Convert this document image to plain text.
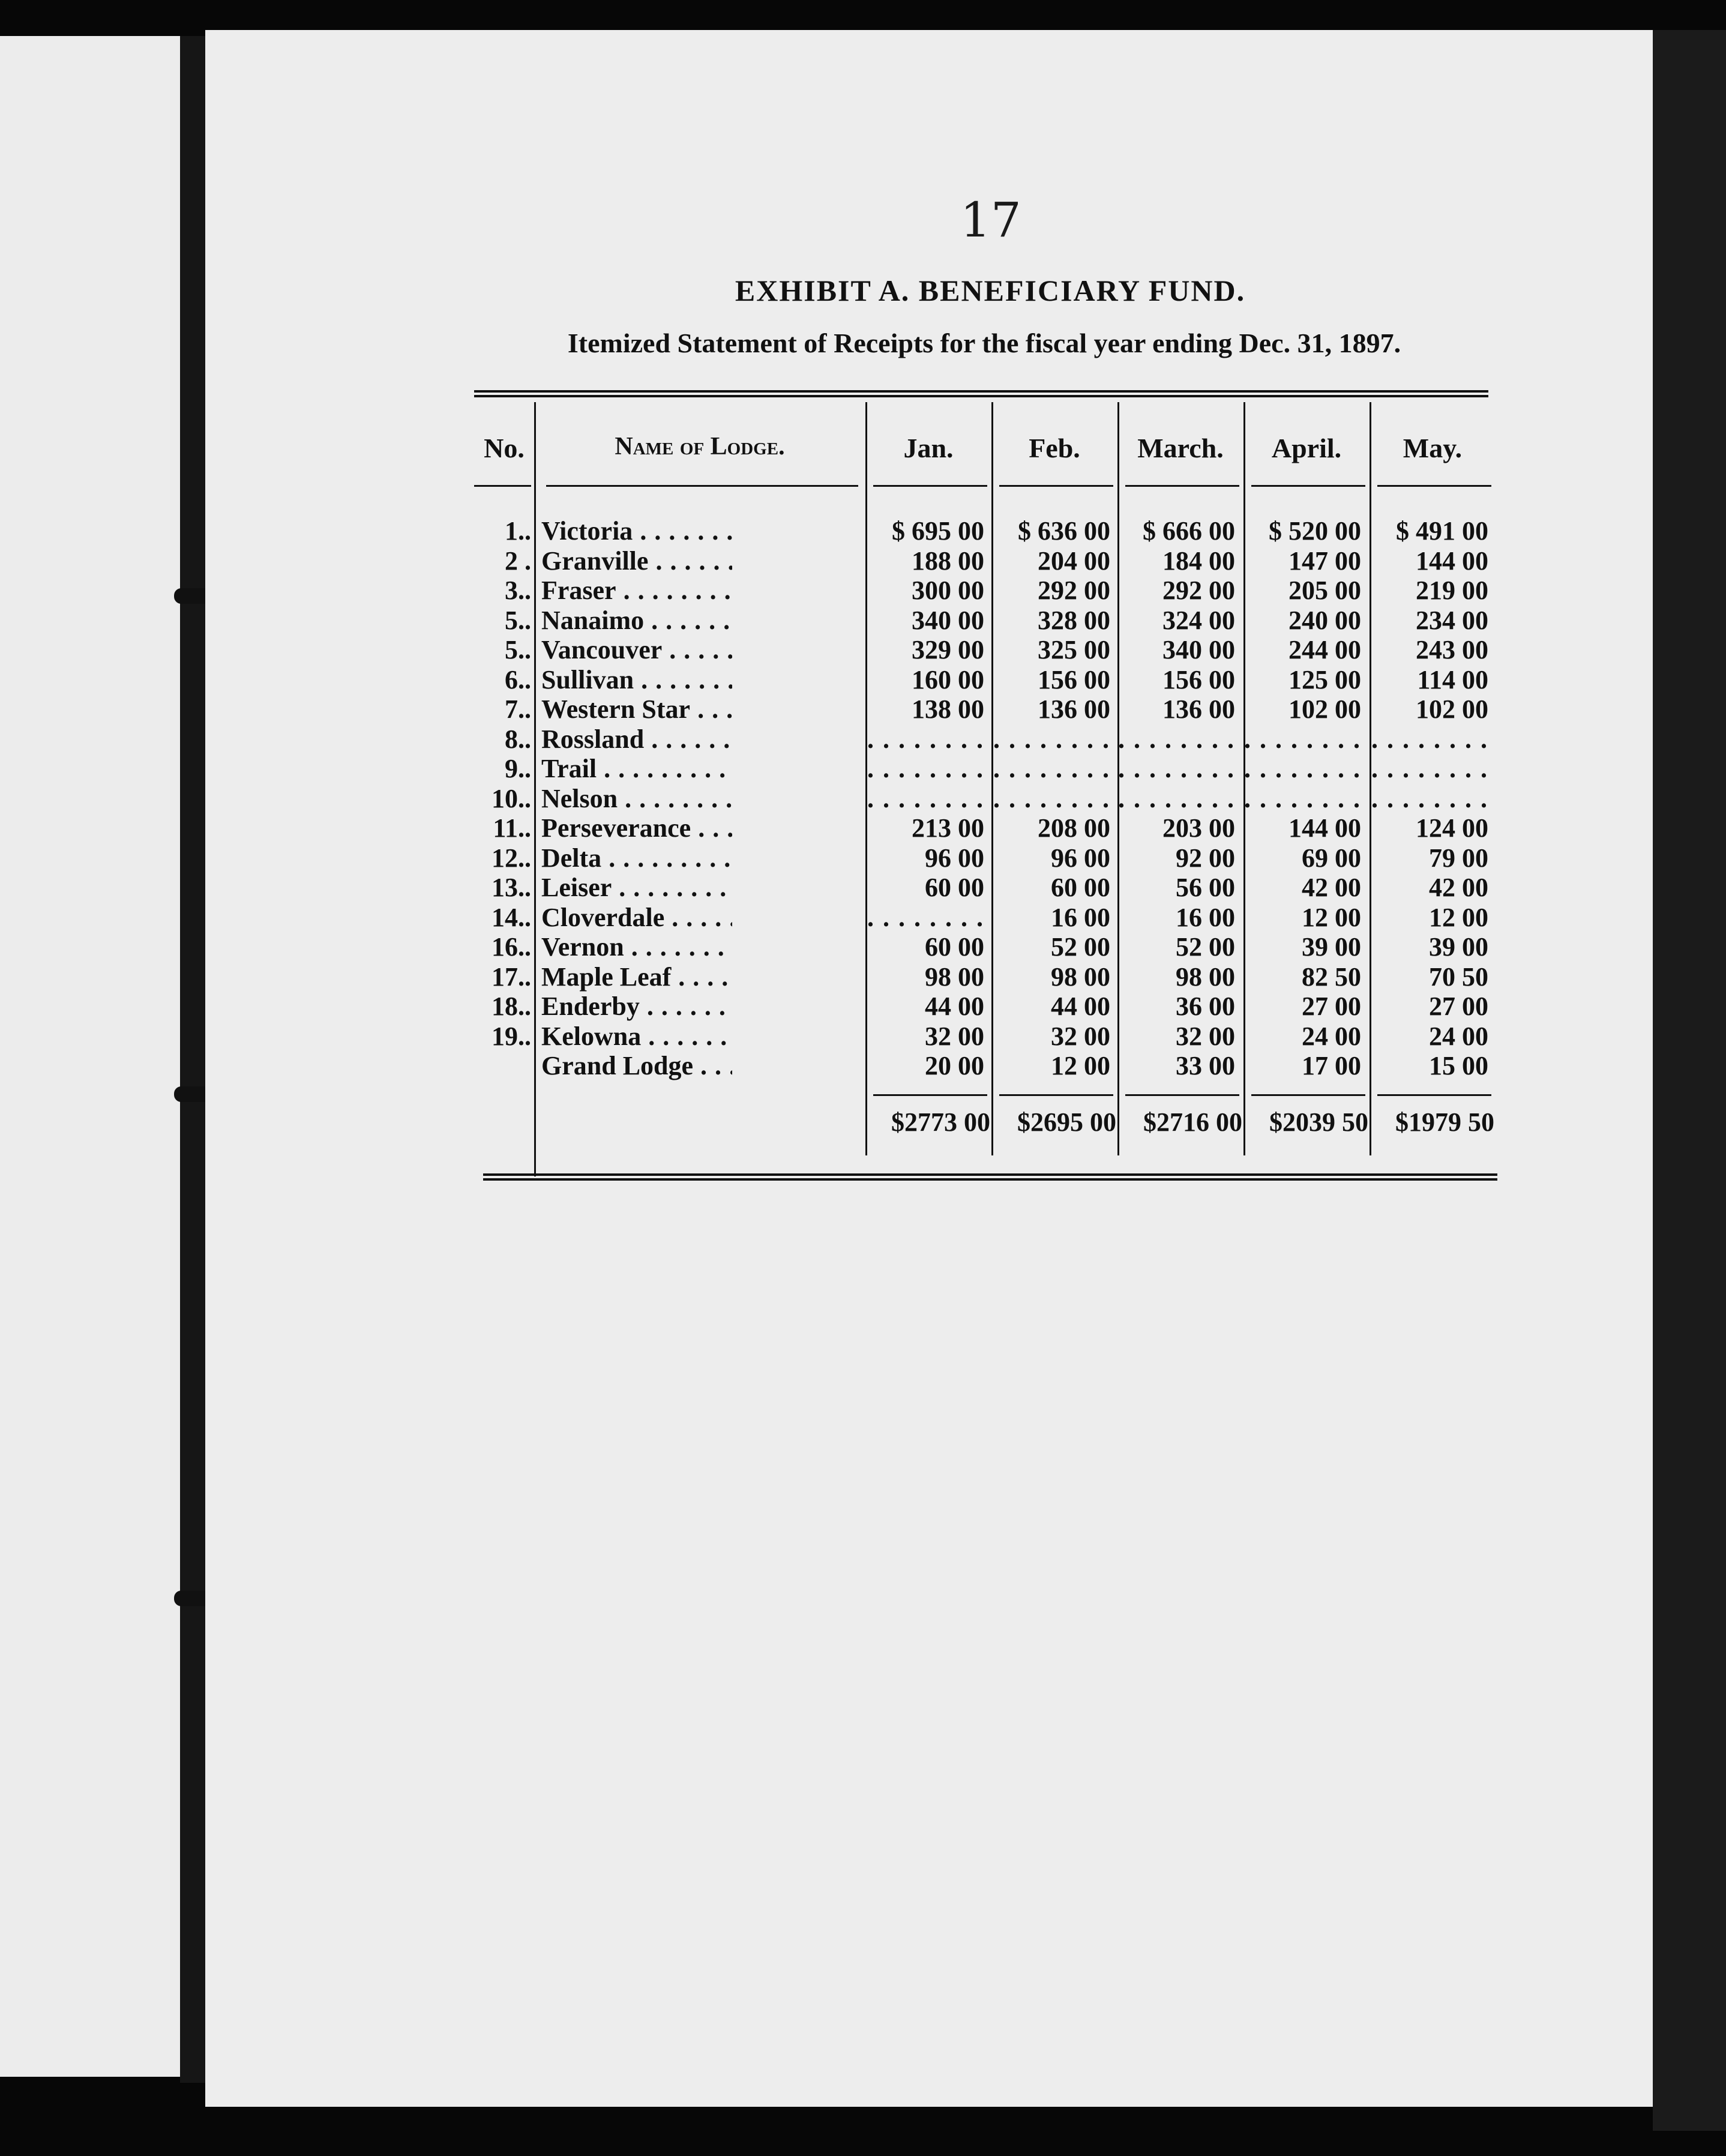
17
EXHIBIT A. BENEFICIARY FUND.
Itemized Statement of Receipts for the fiscal year ending Dec. 31, 1897.
No.	Name of Lodge.	Jan.	Feb.	March.	April.	May.
1.. Victoria . . .	$ 695 00	$ 636 00	$ 666 00	$ 520 00	$ 491 00
2 . Granville . . .	188 00	204 00	184 00	147 00	144 00
3.. Fraser . . .	300 00	292 00	292 00	205 00	219 00
5.. Nanaimo . . .	340 00	328 00	324 00	240 00	234 00
5.. Vancouver . . .	329 00	325 00	340 00	244 00	243 00
6.. Sullivan . . .	160 00	156 00	156 00	125 00	114 00
7.. Western Star . . .	138 00	136 00	136 00	102 00	102 00
8.. Rossland . . .
. . .
. . .
. . .
. . .
. . .
9.. Trail . . .
. . .
. . .
. . .
. . .
. . .
10.. Nelson . . .
. . .
. . .
. . .
. . .
. . .
11.. Perseverance . . .	213 00	208 00	203 00	144 00	124 00
12.. Delta . . .	96 00	96 00	92 00	69 00	79 00
13.. Leiser . . .	60 00	60 00	56 00	42 00	42 00
14.. Cloverdale . . .
. . .	16 00	16 00	12 00	12 00
16.. Vernon . . .	60 00	52 00	52 00	39 00	39 00
17.. Maple Leaf . . .	98 00	98 00	98 00	82 50	70 50
18.. Enderby . . .	44 00	44 00	36 00	27 00	27 00
19.. Kelowna . . .	32 00	32 00	32 00	24 00	24 00
Grand Lodge . . .	20 00	12 00	33 00	17 00	15 00
$2773 00	$2695 00	$2716 00	$2039 50	$1979 50
